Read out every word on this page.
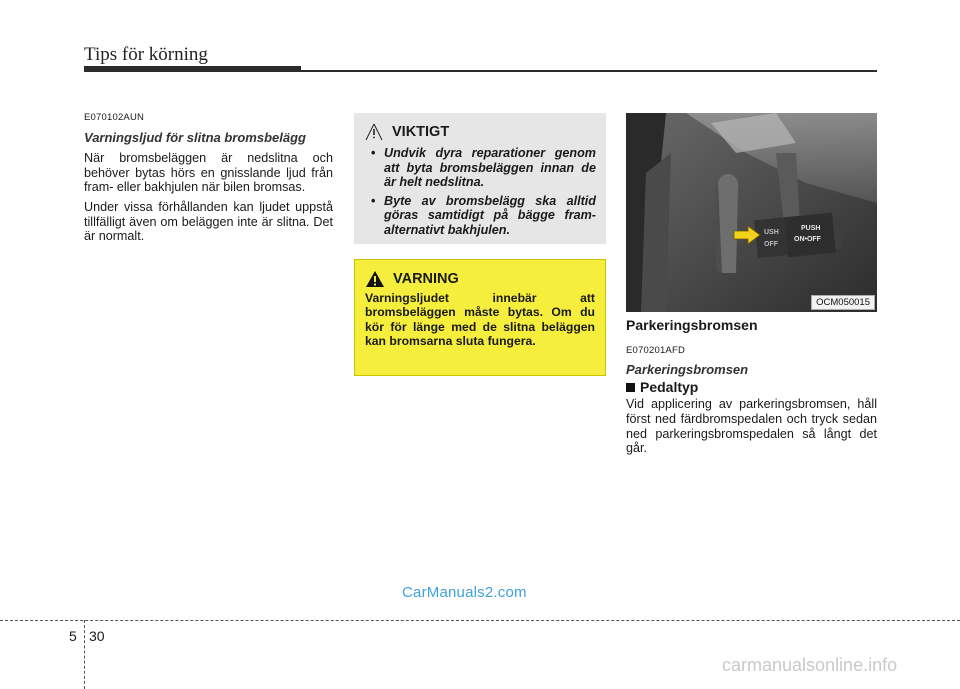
Tips för körning
E070102AUN
Varningsljud för slitna bromsbelägg

När bromsbeläggen är nedslitna och behöver bytas hörs en gnisslande ljud från fram- eller bakhjulen när bilen bromsas.

Under vissa förhållanden kan ljudet uppstå tillfälligt även om beläggen inte är slitna. Det är normalt.

VIKTIGT
• Undvik dyra reparationer genom att byta bromsbeläggen innan de är helt nedslitna.
• Byte av bromsbelägg ska alltid göras samtidigt på bägge fram- alternativt bakhjulen.
VARNING

Varningsljudet innebär att bromsbeläggen måste bytas. Om du kör för länge med de slitna beläggen kan bromsarna sluta fungera.

PUSH
ON•OFF
USH
OFF
OCM050015
Parkeringsbromsen
E070201AFD
Parkeringsbromsen
Pedaltyp

Vid applicering av parkeringsbromsen, håll först ned färdbromspedalen och tryck sedan ned parkeringsbromspedalen så långt det går.

CarManuals2.com
5 30
carmanualsonline.info
